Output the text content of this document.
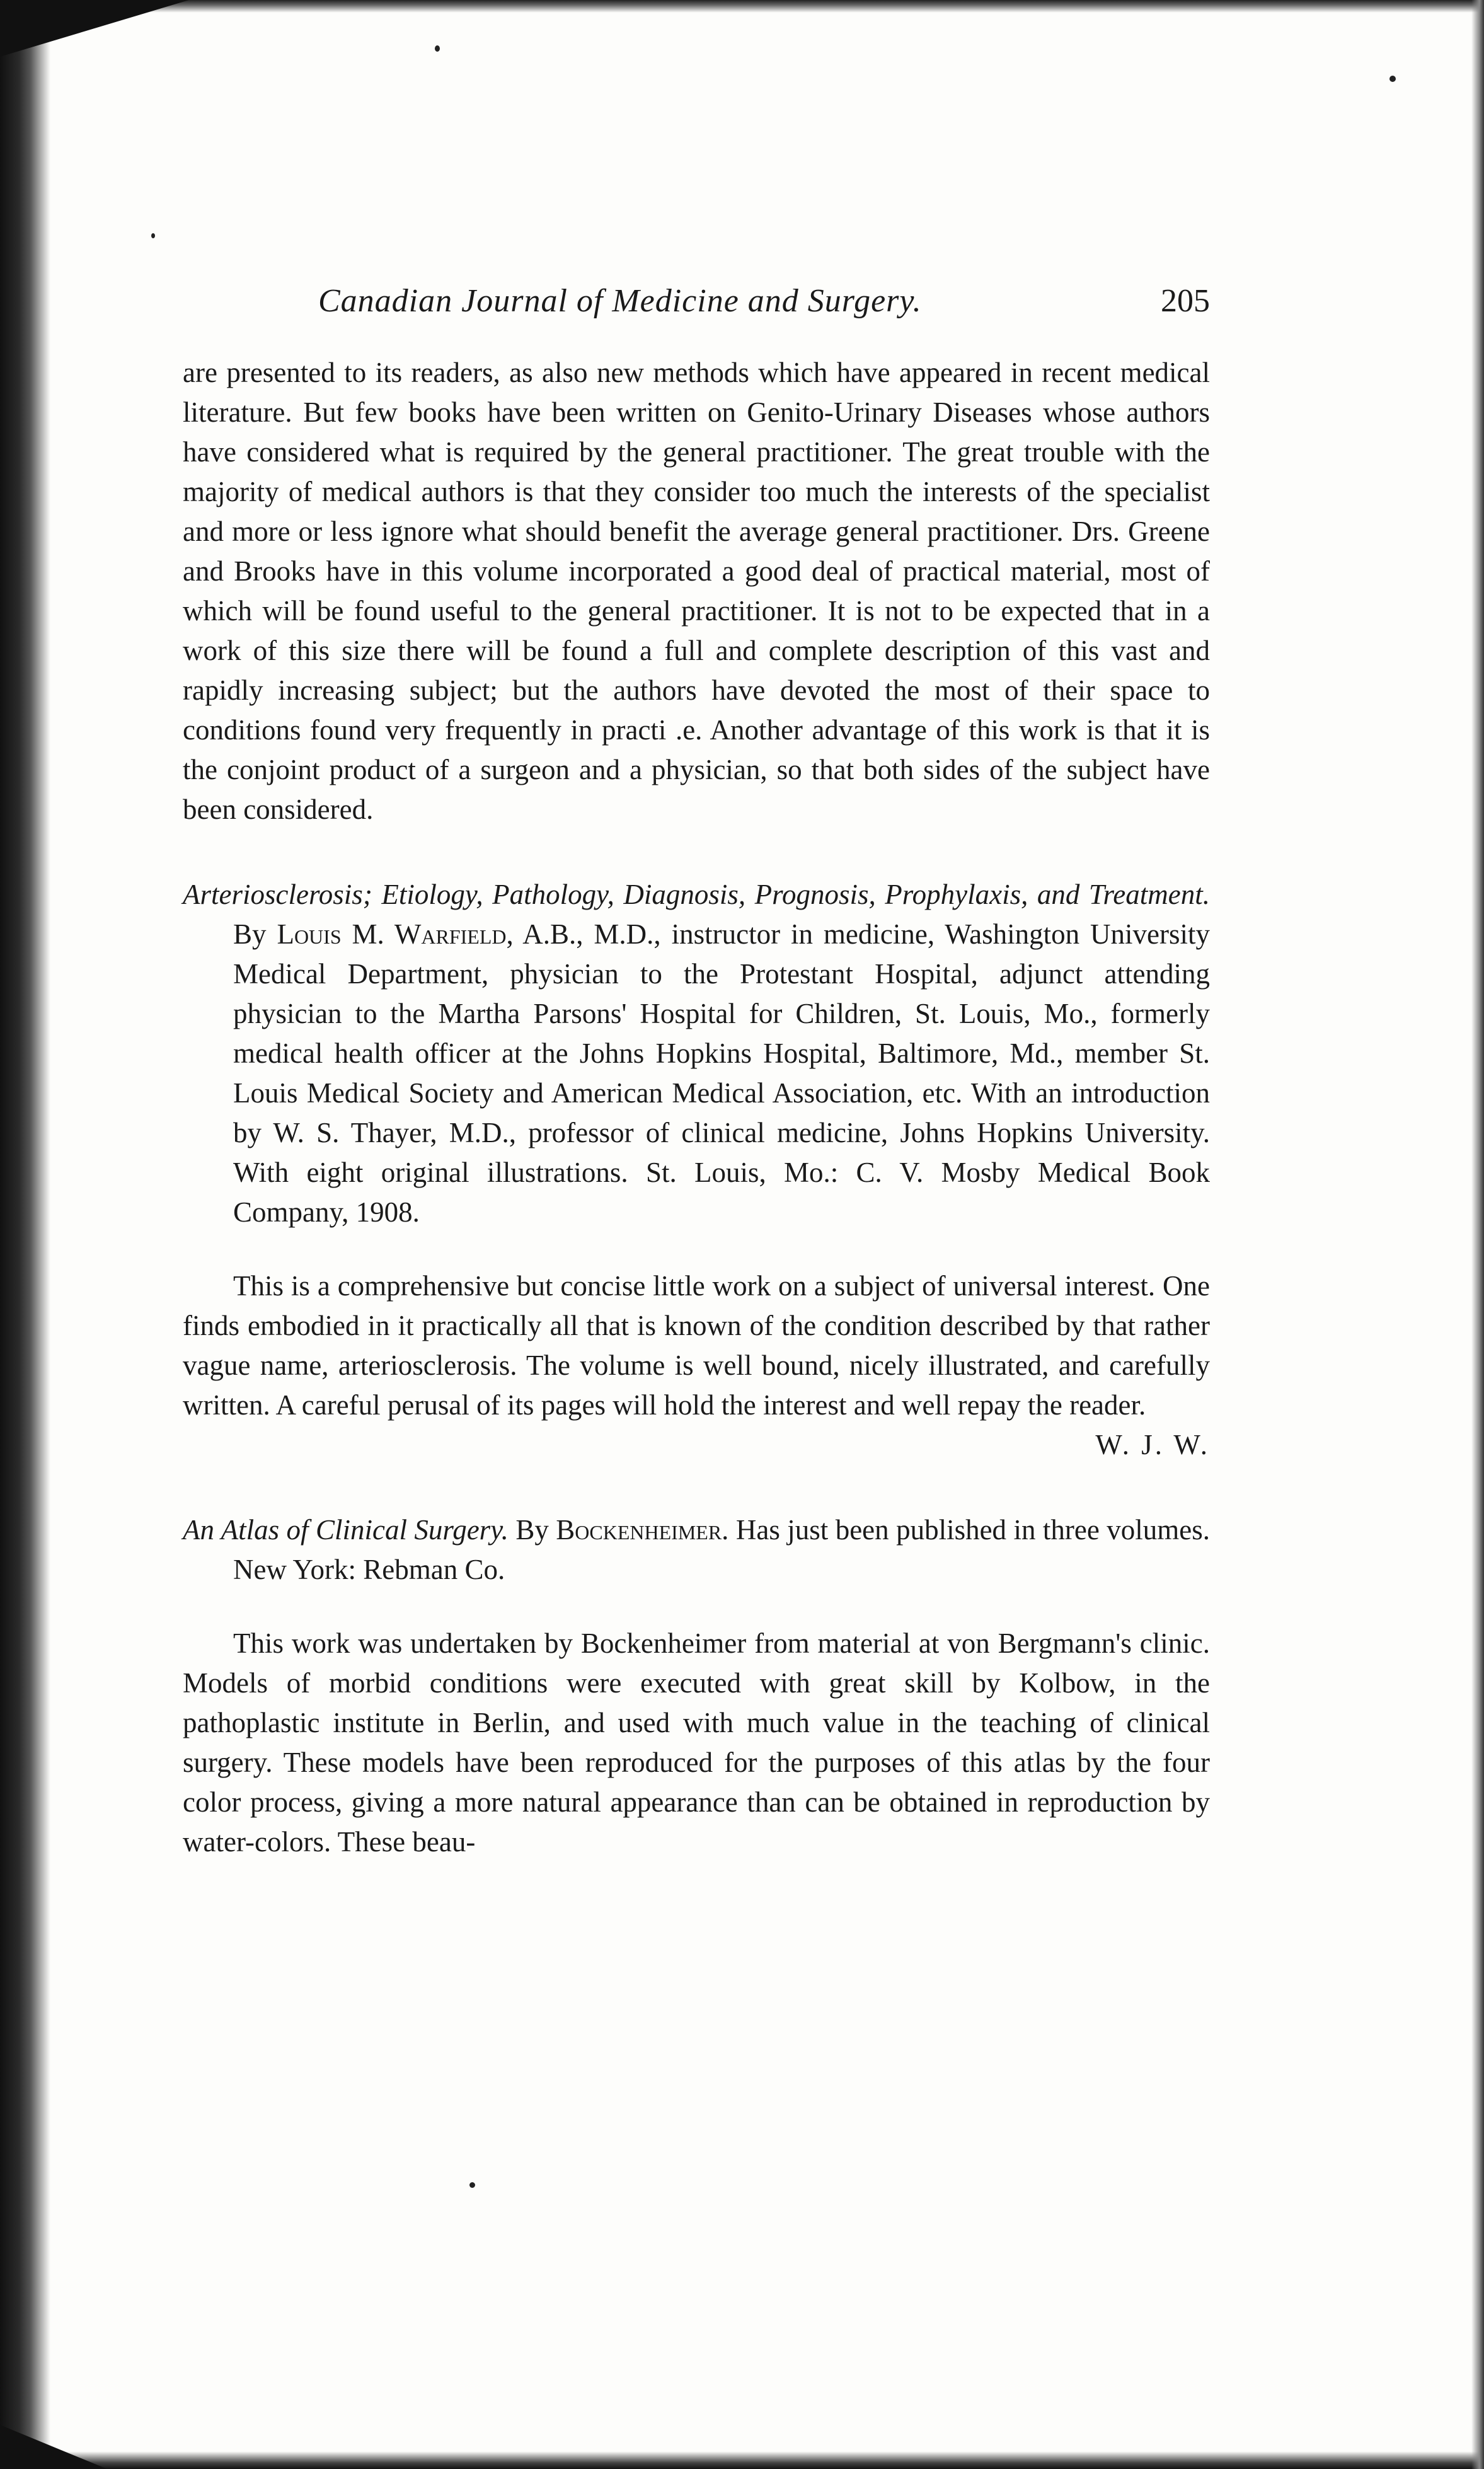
Canadian Journal of Medicine and Surgery.	205

are presented to its readers, as also new methods which have appeared in recent medical literature. But few books have been written on Genito-Urinary Diseases whose authors have considered what is required by the general practitioner. The great trouble with the majority of medical authors is that they consider too much the interests of the specialist and more or less ignore what should benefit the average general practitioner. Drs. Greene and Brooks have in this volume incorporated a good deal of practical material, most of which will be found useful to the general practitioner. It is not to be expected that in a work of this size there will be found a full and complete description of this vast and rapidly increasing subject; but the authors have devoted the most of their space to conditions found very frequently in practi .e. Another advantage of this work is that it is the conjoint product of a surgeon and a physician, so that both sides of the subject have been considered.

Arteriosclerosis; Etiology, Pathology, Diagnosis, Prognosis, Prophylaxis, and Treatment. By Louis M. Warfield, A.B., M.D., instructor in medicine, Washington University Medical Department, physician to the Protestant Hospital, adjunct attending physician to the Martha Parsons' Hospital for Children, St. Louis, Mo., formerly medical health officer at the Johns Hopkins Hospital, Baltimore, Md., member St. Louis Medical Society and American Medical Association, etc. With an introduction by W. S. Thayer, M.D., professor of clinical medicine, Johns Hopkins University. With eight original illustrations. St. Louis, Mo.: C. V. Mosby Medical Book Company, 1908.

This is a comprehensive but concise little work on a subject of universal interest. One finds embodied in it practically all that is known of the condition described by that rather vague name, arteriosclerosis. The volume is well bound, nicely illustrated, and carefully written. A careful perusal of its pages will hold the interest and well repay the reader.
W. J. W.

An Atlas of Clinical Surgery. By Bockenheimer. Has just been published in three volumes. New York: Rebman Co.

This work was undertaken by Bockenheimer from material at von Bergmann's clinic. Models of morbid conditions were executed with great skill by Kolbow, in the pathoplastic institute in Berlin, and used with much value in the teaching of clinical surgery. These models have been reproduced for the purposes of this atlas by the four color process, giving a more natural appearance than can be obtained in reproduction by water-colors. These beau-
